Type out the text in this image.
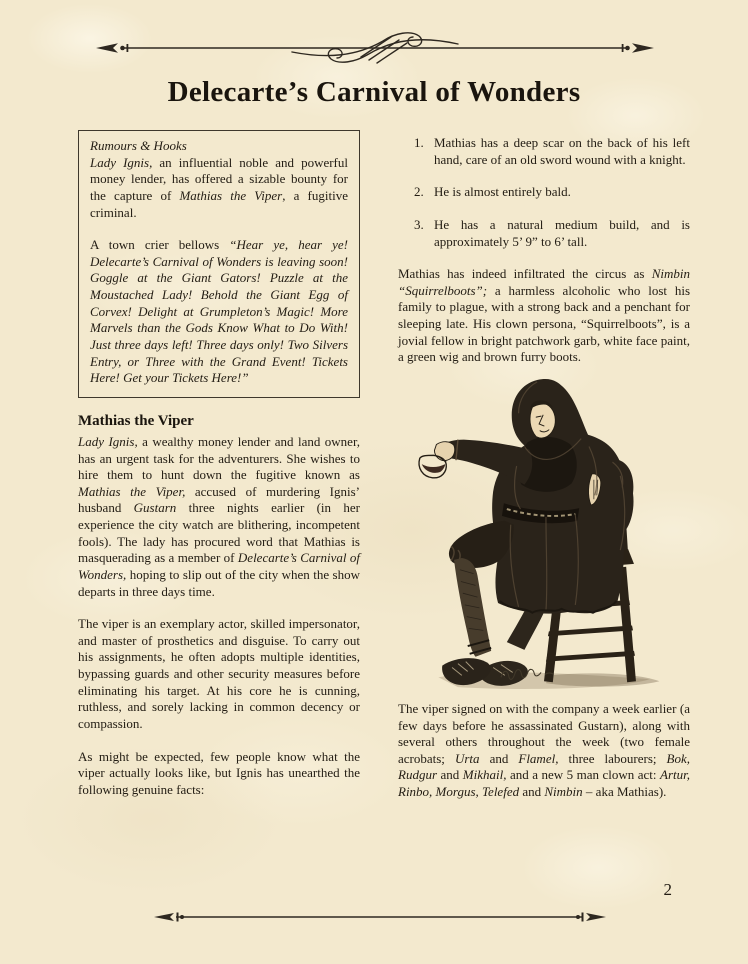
Delecarte’s Carnival of Wonders
Rumours & Hooks

Lady Ignis, an influential noble and powerful money lender, has offered a sizable bounty for the capture of Mathias the Viper, a fugitive criminal.

A town crier bellows “Hear ye, hear ye! Delecarte’s Carnival of Wonders is leaving soon! Goggle at the Giant Gators! Puzzle at the Moustached Lady! Behold the Giant Egg of Corvex! Delight at Grumpleton’s Magic! More Marvels than the Gods Know What to Do With! Just three days left! Three days only! Two Silvers Entry, or Three with the Grand Event! Tickets Here! Get your Tickets Here!”

Mathias the Viper

Lady Ignis, a wealthy money lender and land owner, has an urgent task for the adventurers. She wishes to hire them to hunt down the fugitive known as Mathias the Viper, accused of murdering Ignis’ husband Gustarn three nights earlier (in her experience the city watch are blithering, incompetent fools). The lady has procured word that Mathias is masquerading as a member of Delecarte’s Carnival of Wonders, hoping to slip out of the city when the show departs in three days time.

The viper is an exemplary actor, skilled impersonator, and master of prosthetics and disguise. To carry out his assignments, he often adopts multiple identities, bypassing guards and other security measures before eliminating his target. At his core he is cunning, ruthless, and sorely lacking in common decency or compassion.

As might be expected, few people know what the viper actually looks like, but Ignis has unearthed the following genuine facts:

1. Mathias has a deep scar on the back of his left hand, care of an old sword wound with a knight.
2. He is almost entirely bald.
3. He has a natural medium build, and is approximately 5’ 9” to 6’ tall.

Mathias has indeed infiltrated the circus as Nimbin “Squirrelboots”; a harmless alcoholic who lost his family to plague, with a strong back and a penchant for sleeping late. His clown persona, “Squirrelboots”, is a jovial fellow in bright patchwork garb, white face paint, a green wig and brown furry boots.

The viper signed on with the company a week earlier (a few days before he assassinated Gustarn), along with several others throughout the week (two female acrobats; Urta and Flamel, three labourers; Bok, Rudgur and Mikhail, and a new 5 man clown act: Artur, Rinbo, Morgus, Telefed and Nimbin – aka Mathias).

2
